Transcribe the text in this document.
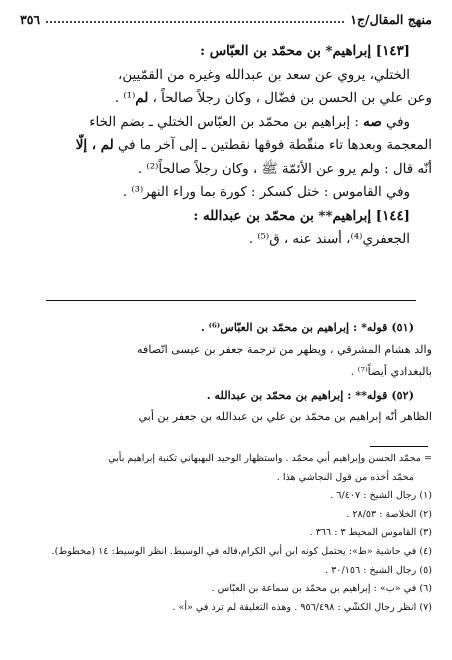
منهج المقال/ج١
٣٥٦

[١٤٣] إبراهيم* بن محمّد بن العبّاس :

الختلي، يروي عن سعد بن عبدالله وغيره من القمّيين،

وعن علي بن الحسن بن فضّال ، وكان رجلاً صالحاً ، لم⁽¹⁾ .

وفي صه : إبراهيم بن محمّد بن العبّاس الختلي ـ بضم الخاء

المعجمة وبعدها تاء منقّطة فوقها نقطتين ـ إلى آخر ما في لم ، إلّا

أنّه قال : ولم يرو عن الأئمّة ﷺ ، وكان رجلاً صالحاً⁽²⁾ .

وفي القاموس : ختل كسكر : كورة بما وراء النهر⁽³⁾ .

[١٤٤] إبراهيم** بن محمّد بن عبدالله :

الجعفري⁽⁴⁾، أسند عنه ، ق⁽⁵⁾ .

(٥١) قوله* : إبراهيم بن محمّد بن العبّاس⁽⁶⁾ .

والد هشام المشرقي ، ويظهر من ترجمة جعفر بن عيسى اتّصافه

بالبغدادي أيضاً⁽⁷⁾ .

(٥٢) قوله** : إبراهيم بن محمّد بن عبدالله .

الظاهر أنّه إبراهيم بن محمّد بن علي بن عبدالله بن جعفر بن أبي

= محمّد الحسن وإبراهيم أبي محمّد . واستظهار الوحيد البهبهاني تكنية إبراهيم بأبي

محمّد أخذه من قول النجاشي هذا .

(١) رجال الشيخ : ٦/٤٠٧ .

(٢) الخلاصة : ٢٨/٥٣ .

(٣) القاموس المحيط ٣ : ٣٦٦ .

(٤) في حاشية «ط»: يحتمل كونه ابن أبي الكرام،قاله في الوسيط. انظر الوسيط: ١٤ (مخطوط).

(٥) رجال الشيخ : ٣٠/١٥٦ .

(٦) في «ب» : إبراهيم بن محمّد بن سماعة بن العبّاس .

(٧) انظر رجال الكشّي : ٩٥٦/٤٩٨ . وهذه التعليقة لم ترد في «أ» .
